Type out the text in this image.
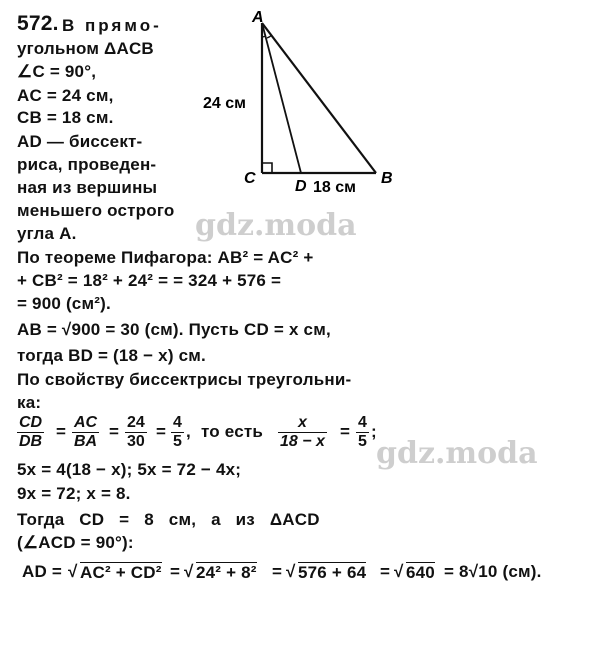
572. В прямо-
угольном ΔACB
∠C = 90°,
AC = 24 см,
CB = 18 см.
AD — биссект-
риса, проведен-
ная из вершины
меньшего острого
угла A.
A
C D	B
24 см
18 см
gdz.moda
По теореме Пифагора: AB² = AC² +
+ CB² = 18² + 24² = = 324 + 576 =
= 900 (см²).
AB = √900 = 30 (см). Пусть CD = x см,
тогда BD = (18 − x) см.
По свойству биссектрисы треугольни-
ка:
$\frac{CD}{DB} = \frac{AC}{BA} = \frac{24}{30} = \frac{4}{5}$ , то есть $\frac{x}{18 - x} = \frac{4}{5}$ ;
gdz.moda
5x = 4(18 − x); 5x = 72 − 4x;
9x = 72; x = 8.
Тогда CD = 8 см, а из ΔACD
(∠ACD = 90°):
AD = √ AC² + CD² = √ 24² + 8² = √ 576 + 64 = √ 640 = 8√10 (см).
